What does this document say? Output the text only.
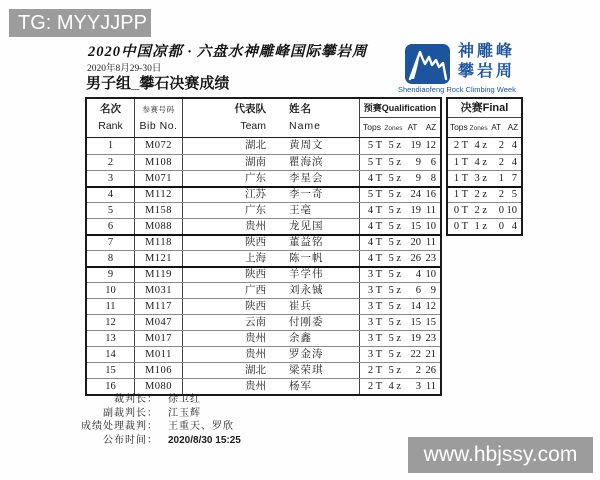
TG: MYYJJPP
2020中国凉都 · 六盘水神雕峰国际攀岩周
2020年8月29-30日
男子组_攀石决赛成绩
神雕峰
攀岩周
Shendiaofeng Rock Climbing Week
名次
Rank
参赛号码
Bib No.
代表队
Team
姓名
Name
预赛Qualification
Tops Zones AT	AZ
1	M072	湖北	黄周文	5 T 5 z 19 12
2	M108	湖南	瞿海滨	5 T 5 z	9 6
3	M071	广东	李星会	4 T 5 z	9 8
4	M112	江苏	李一奇	5 T 5 z 24 16
5	M158	广东	王亳	4 T 5 z 19 11
6	M088	贵州	龙见国	4 T 5 z 15 10
7	M118	陕西	董益铭	4 T 5 z 20 11
8	M121	上海	陈一帆	4 T 5 z 26 23
9	M119	陕西	羊学伟	3 T 5 z	4 10
10	M031	广西	刘永铖	3 T 5 z	6 9
11	M117	陕西	崔兵	3 T 5 z 14 12
12	M047	云南	付刚委	3 T 5 z 15 15
13	M017	贵州	余鑫	3 T 5 z 19 23
14	M011	贵州	罗金涛	3 T 5 z 22 21
15	M106	湖北	梁荣琪	2 T 5 z	2 26
16	M080	贵州	杨军	2 T 4 z	3 11
决赛Final
Tops Zones AT AZ
2 T 4 z	2 4
1 T 4 z	2 4
1 T 3 z	1 7
1 T 2 z	2 5
0 T 2 z	0 10
0 T 1 z	0 4
裁判长： 徐卫红
副裁判长： 江玉辉
成绩处理裁判： 王重天、罗欣
公布时间： 2020/8/30 15:25
www.hbjssy.com
